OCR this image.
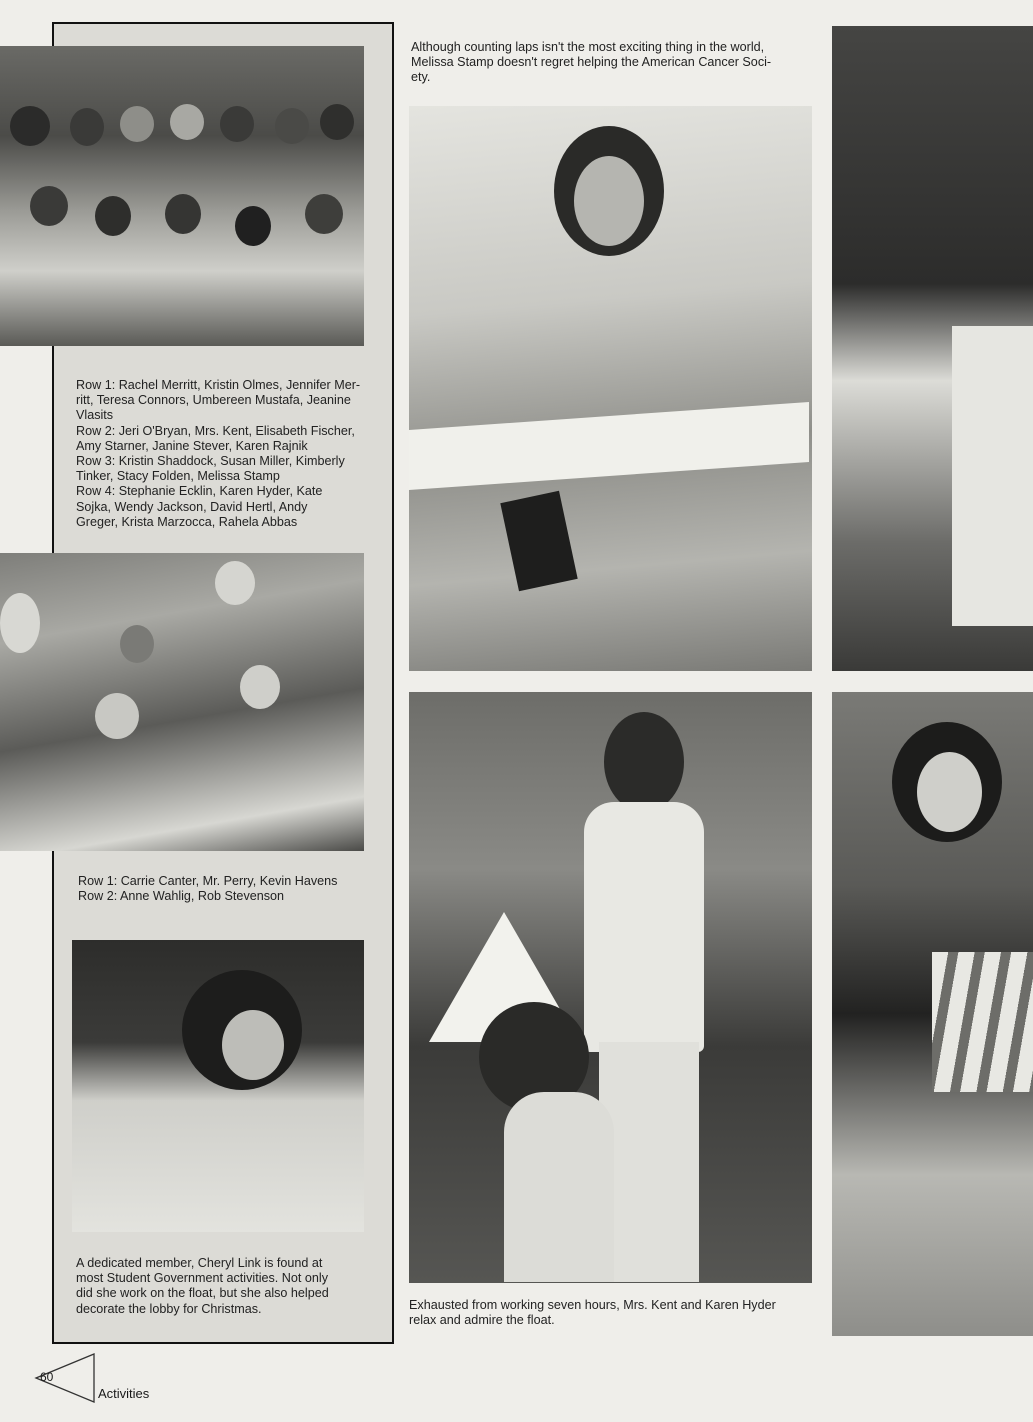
Row 1: Rachel Merritt, Kristin Olmes, Jennifer Mer-
ritt, Teresa Connors, Umbereen Mustafa, Jeanine
Vlasits
Row 2: Jeri O'Bryan, Mrs. Kent, Elisabeth Fischer,
Amy Starner, Janine Stever, Karen Rajnik
Row 3: Kristin Shaddock, Susan Miller, Kimberly
Tinker, Stacy Folden, Melissa Stamp
Row 4: Stephanie Ecklin, Karen Hyder, Kate
Sojka, Wendy Jackson, David Hertl, Andy
Greger, Krista Marzocca, Rahela Abbas
Row 1: Carrie Canter, Mr. Perry, Kevin Havens
Row 2: Anne Wahlig, Rob Stevenson
A dedicated member, Cheryl Link is found at
most Student Government activities. Not only
did she work on the float, but she also helped
decorate the lobby for Christmas.
Although counting laps isn't the most exciting thing in the world,
Melissa Stamp doesn't regret helping the American Cancer Soci-
ety.
Exhausted from working seven hours, Mrs. Kent and Karen Hyder
relax and admire the float.
60
Activities
